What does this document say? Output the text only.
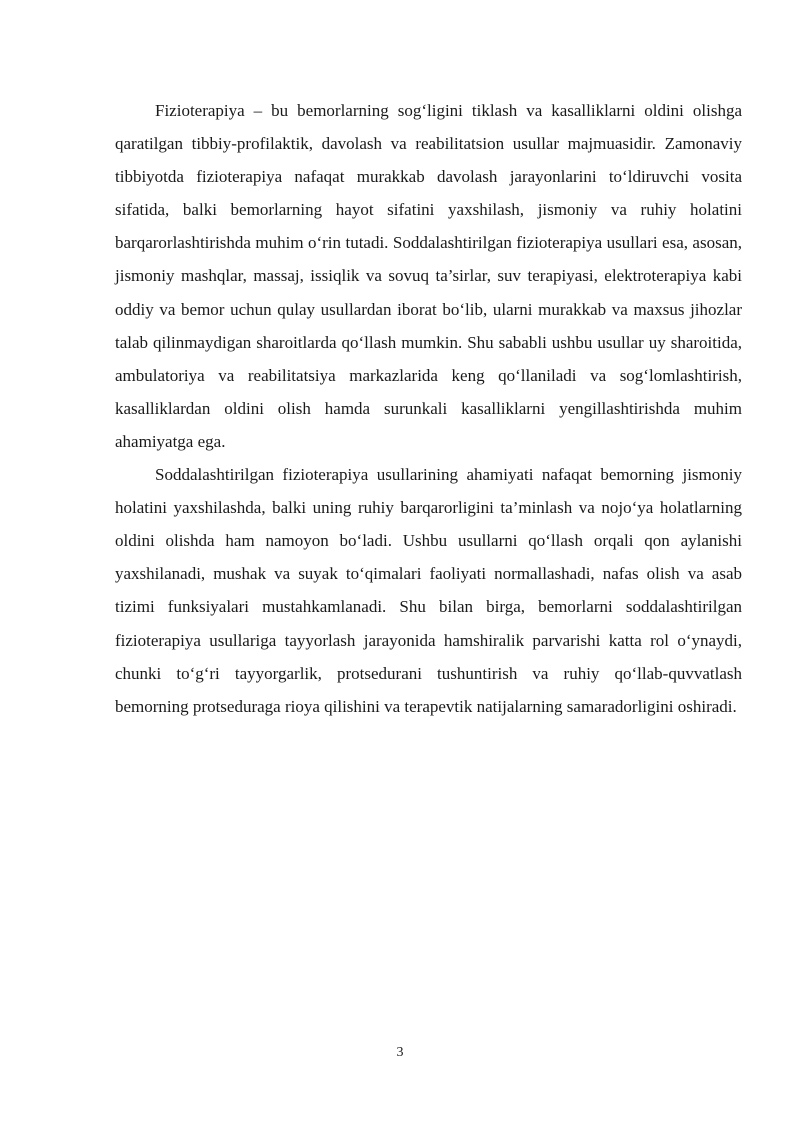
Fizioterapiya – bu bemorlarning sog‘ligini tiklash va kasalliklarni oldini olishga qaratilgan tibbiy-profilaktik, davolash va reabilitatsion usullar majmuasidir. Zamonaviy tibbiyotda fizioterapiya nafaqat murakkab davolash jarayonlarini to‘ldiruvchi vosita sifatida, balki bemorlarning hayot sifatini yaxshilash, jismoniy va ruhiy holatini barqarorlashtirishda muhim o‘rin tutadi. Soddalashtirilgan fizioterapiya usullari esa, asosan, jismoniy mashqlar, massaj, issiqlik va sovuq ta’sirlar, suv terapiyasi, elektroterapiya kabi oddiy va bemor uchun qulay usullardan iborat bo‘lib, ularni murakkab va maxsus jihozlar talab qilinmaydigan sharoitlarda qo‘llash mumkin. Shu sababli ushbu usullar uy sharoitida, ambulatoriya va reabilitatsiya markazlarida keng qo‘llaniladi va sog‘lomlashtirish, kasalliklardan oldini olish hamda surunkali kasalliklarni yengillashtirishda muhim ahamiyatga ega.

Soddalashtirilgan fizioterapiya usullarining ahamiyati nafaqat bemorning jismoniy holatini yaxshilashda, balki uning ruhiy barqarorligini ta’minlash va nojo‘ya holatlarning oldini olishda ham namoyon bo‘ladi. Ushbu usullarni qo‘llash orqali qon aylanishi yaxshilanadi, mushak va suyak to‘qimalari faoliyati normallashadi, nafas olish va asab tizimi funksiyalari mustahkamlanadi. Shu bilan birga, bemorlarni soddalashtirilgan fizioterapiya usullariga tayyorlash jarayonida hamshiralik parvarishi katta rol o‘ynaydi, chunki to‘g‘ri tayyorgarlik, protsedurani tushuntirish va ruhiy qo‘llab-quvvatlash bemorning protseduraga rioya qilishini va terapevtik natijalarning samaradorligini oshiradi.

3
